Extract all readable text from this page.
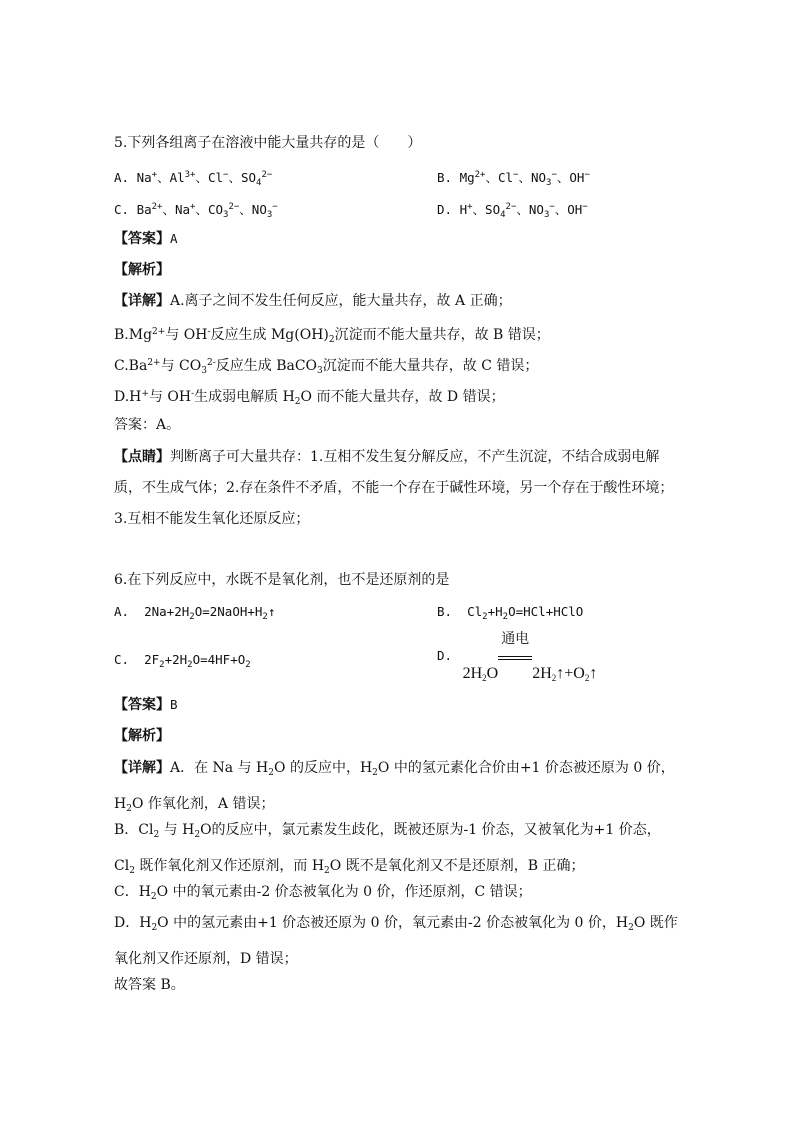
5.下列各组离子在溶液中能大量共存的是（　　）
A. Na+、$Al^{3+}$、Cl−、$SO_4^{2-}$	B. $Mg^{2+}$、Cl−、$NO_3^-$、OH−
C. $Ba^{2+}$、Na+、$CO_3^{2-}$、$NO_3^-$	D. H+、$SO_4^{2-}$、$NO_3^-$、OH−
【答案】A
【解析】
【详解】A.离子之间不发生任何反应，能大量共存，故 A 正确；
$B.Mg^{2+}$与 OH-反应生成 $Mg(OH)_2$沉淀而不能大量共存，故 B 错误；
$C.Ba^{2+}$与 $CO_3^{2-}$反应生成 BaCO$_3$沉淀而不能大量共存，故 C 错误；
D.H+与 OH-生成弱电解质 $H_2O$ 而不能大量共存，故 D 错误；
答案：A。
【点睛】判断离子可大量共存：1.互相不发生复分解反应，不产生沉淀，不结合成弱电解质，不生成气体；2.存在条件不矛盾，不能一个存在于碱性环境，另一个存在于酸性环境；3.互相不能发生氧化还原反应；
6.在下列反应中，水既不是氧化剂，也不是还原剂的是
A.  $2Na+2H_2O=2NaOH+H_2↑$	B.  $Cl_2+H_2O=HCl+HClO$
C.  $2F_2+2H_2O=4HF+O_2$
D.   $2H_2O$
通电
$2H_2↑+O_2↑$
【答案】B
【解析】
【详解】A．在 Na 与 $H_2O$ 的反应中，$H_2O$ 中的氢元素化合价由+1 价态被还原为 0 价，$H_2O$ 作氧化剂，A 错误；
B．$Cl_2$ 与 $H_2O$的反应中，氯元素发生歧化，既被还原为-1 价态，又被氧化为+1 价态，$Cl_2$ 既作氧化剂又作还原剂，而 $H_2O$ 既不是氧化剂又不是还原剂，B 正确；
C．$H_2O$ 中的氧元素由-2 价态被氧化为 0 价，作还原剂，C 错误；
D．$H_2O$ 中的氢元素由+1 价态被还原为 0 价，氧元素由-2 价态被氧化为 0 价，$H_2O$ 既作氧化剂又作还原剂，D 错误；
故答案 B。
